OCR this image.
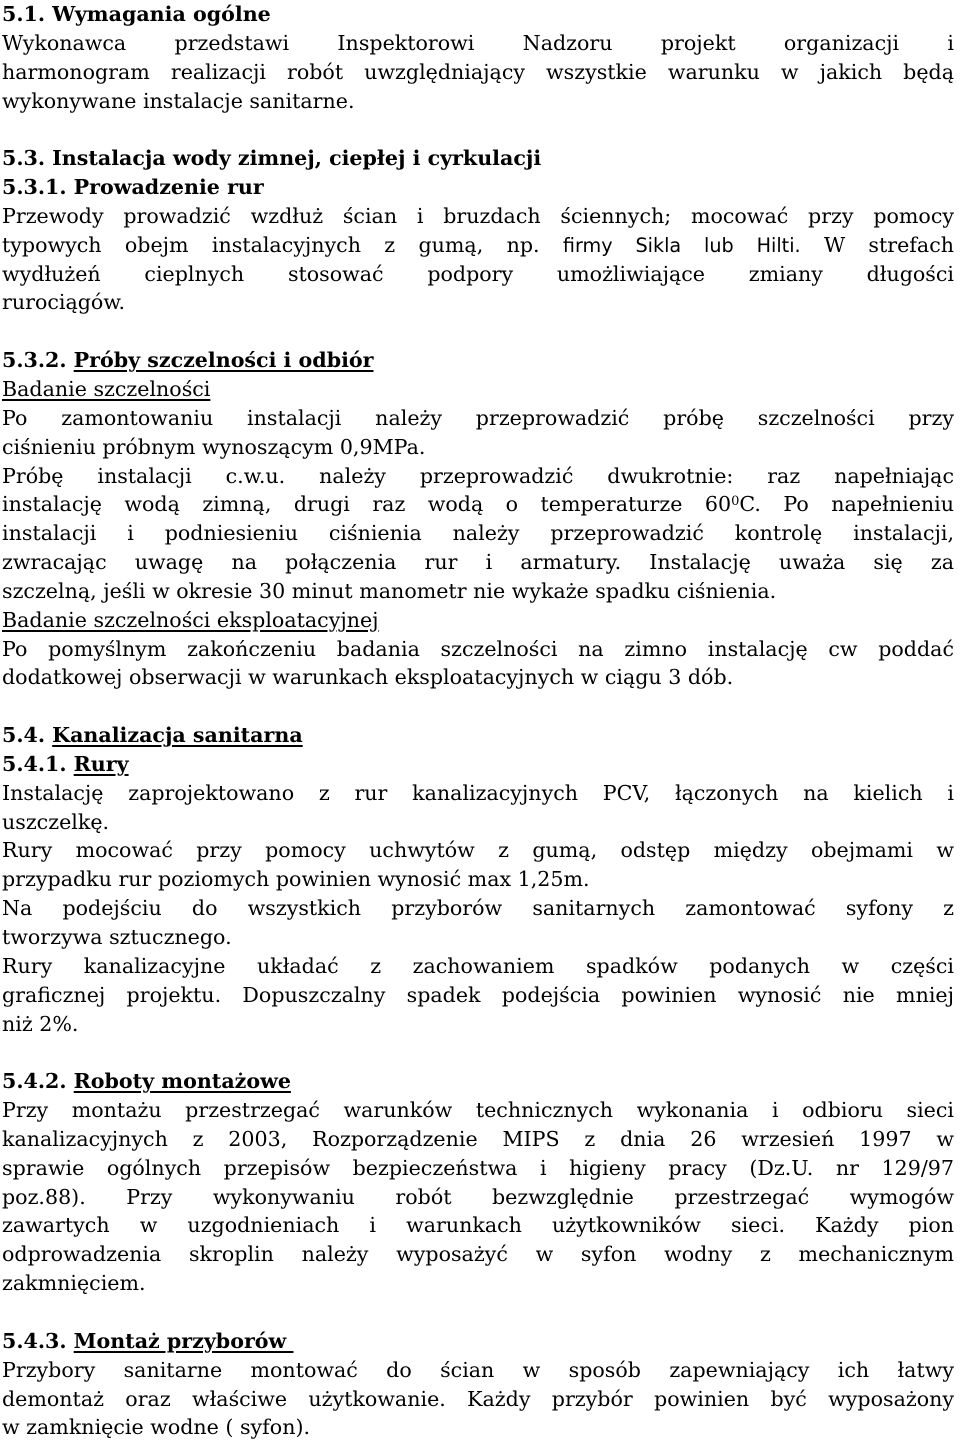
5.1. Wymagania ogólne
Wykonawca przedstawi Inspektorowi Nadzoru projekt organizacji i
harmonogram realizacji robót uwzględniający wszystkie warunku w jakich będą
wykonywane instalacje sanitarne.
5.3. Instalacja wody zimnej, ciepłej i cyrkulacji
5.3.1. Prowadzenie rur
Przewody prowadzić wzdłuż ścian i bruzdach ściennych; mocować przy pomocy
typowych obejm instalacyjnych z gumą, np. firmy Sikla lub Hilti. W strefach
wydłużeń cieplnych stosować podpory umożliwiające zmiany długości
rurociągów.
5.3.2. Próby szczelności i odbiór
Badanie szczelności
Po zamontowaniu instalacji należy przeprowadzić próbę szczelności przy
ciśnieniu próbnym wynoszącym 0,9MPa.
Próbę instalacji c.w.u. należy przeprowadzić dwukrotnie: raz napełniając
instalację wodą zimną, drugi raz wodą o temperaturze $60^0C$. Po napełnieniu
instalacji i podniesieniu ciśnienia należy przeprowadzić kontrolę instalacji,
zwracając uwagę na połączenia rur i armatury. Instalację uważa się za
szczelną, jeśli w okresie 30 minut manometr nie wykaże spadku ciśnienia.
Badanie szczelności eksploatacyjnej
Po pomyślnym zakończeniu badania szczelności na zimno instalację cw poddać
dodatkowej obserwacji w warunkach eksploatacyjnych w ciągu 3 dób.
5.4. Kanalizacja sanitarna
5.4.1. Rury
Instalację zaprojektowano z rur kanalizacyjnych PCV, łączonych na kielich i
uszczelkę.
Rury mocować przy pomocy uchwytów z gumą, odstęp między obejmami w
przypadku rur poziomych powinien wynosić max 1,25m.
Na podejściu do wszystkich przyborów sanitarnych zamontować syfony z
tworzywa sztucznego.
Rury kanalizacyjne układać z zachowaniem spadków podanych w części
graficznej projektu. Dopuszczalny spadek podejścia powinien wynosić nie mniej
niż 2%.
5.4.2. Roboty montażowe
Przy montażu przestrzegać warunków technicznych wykonania i odbioru sieci
kanalizacyjnych z 2003, Rozporządzenie MIPS z dnia 26 wrzesień 1997 w
sprawie ogólnych przepisów bezpieczeństwa i higieny pracy (Dz.U. nr 129/97
poz.88). Przy wykonywaniu robót bezwzględnie przestrzegać wymogów
zawartych w uzgodnieniach i warunkach użytkowników sieci. Każdy pion
odprowadzenia skroplin należy wyposażyć w syfon wodny z mechanicznym
zakmnięciem.
5.4.3. Montaż przyborów
Przybory sanitarne montować do ścian w sposób zapewniający ich łatwy
demontaż oraz właściwe użytkowanie. Każdy przybór powinien być wyposażony
w zamknięcie wodne ( syfon).
